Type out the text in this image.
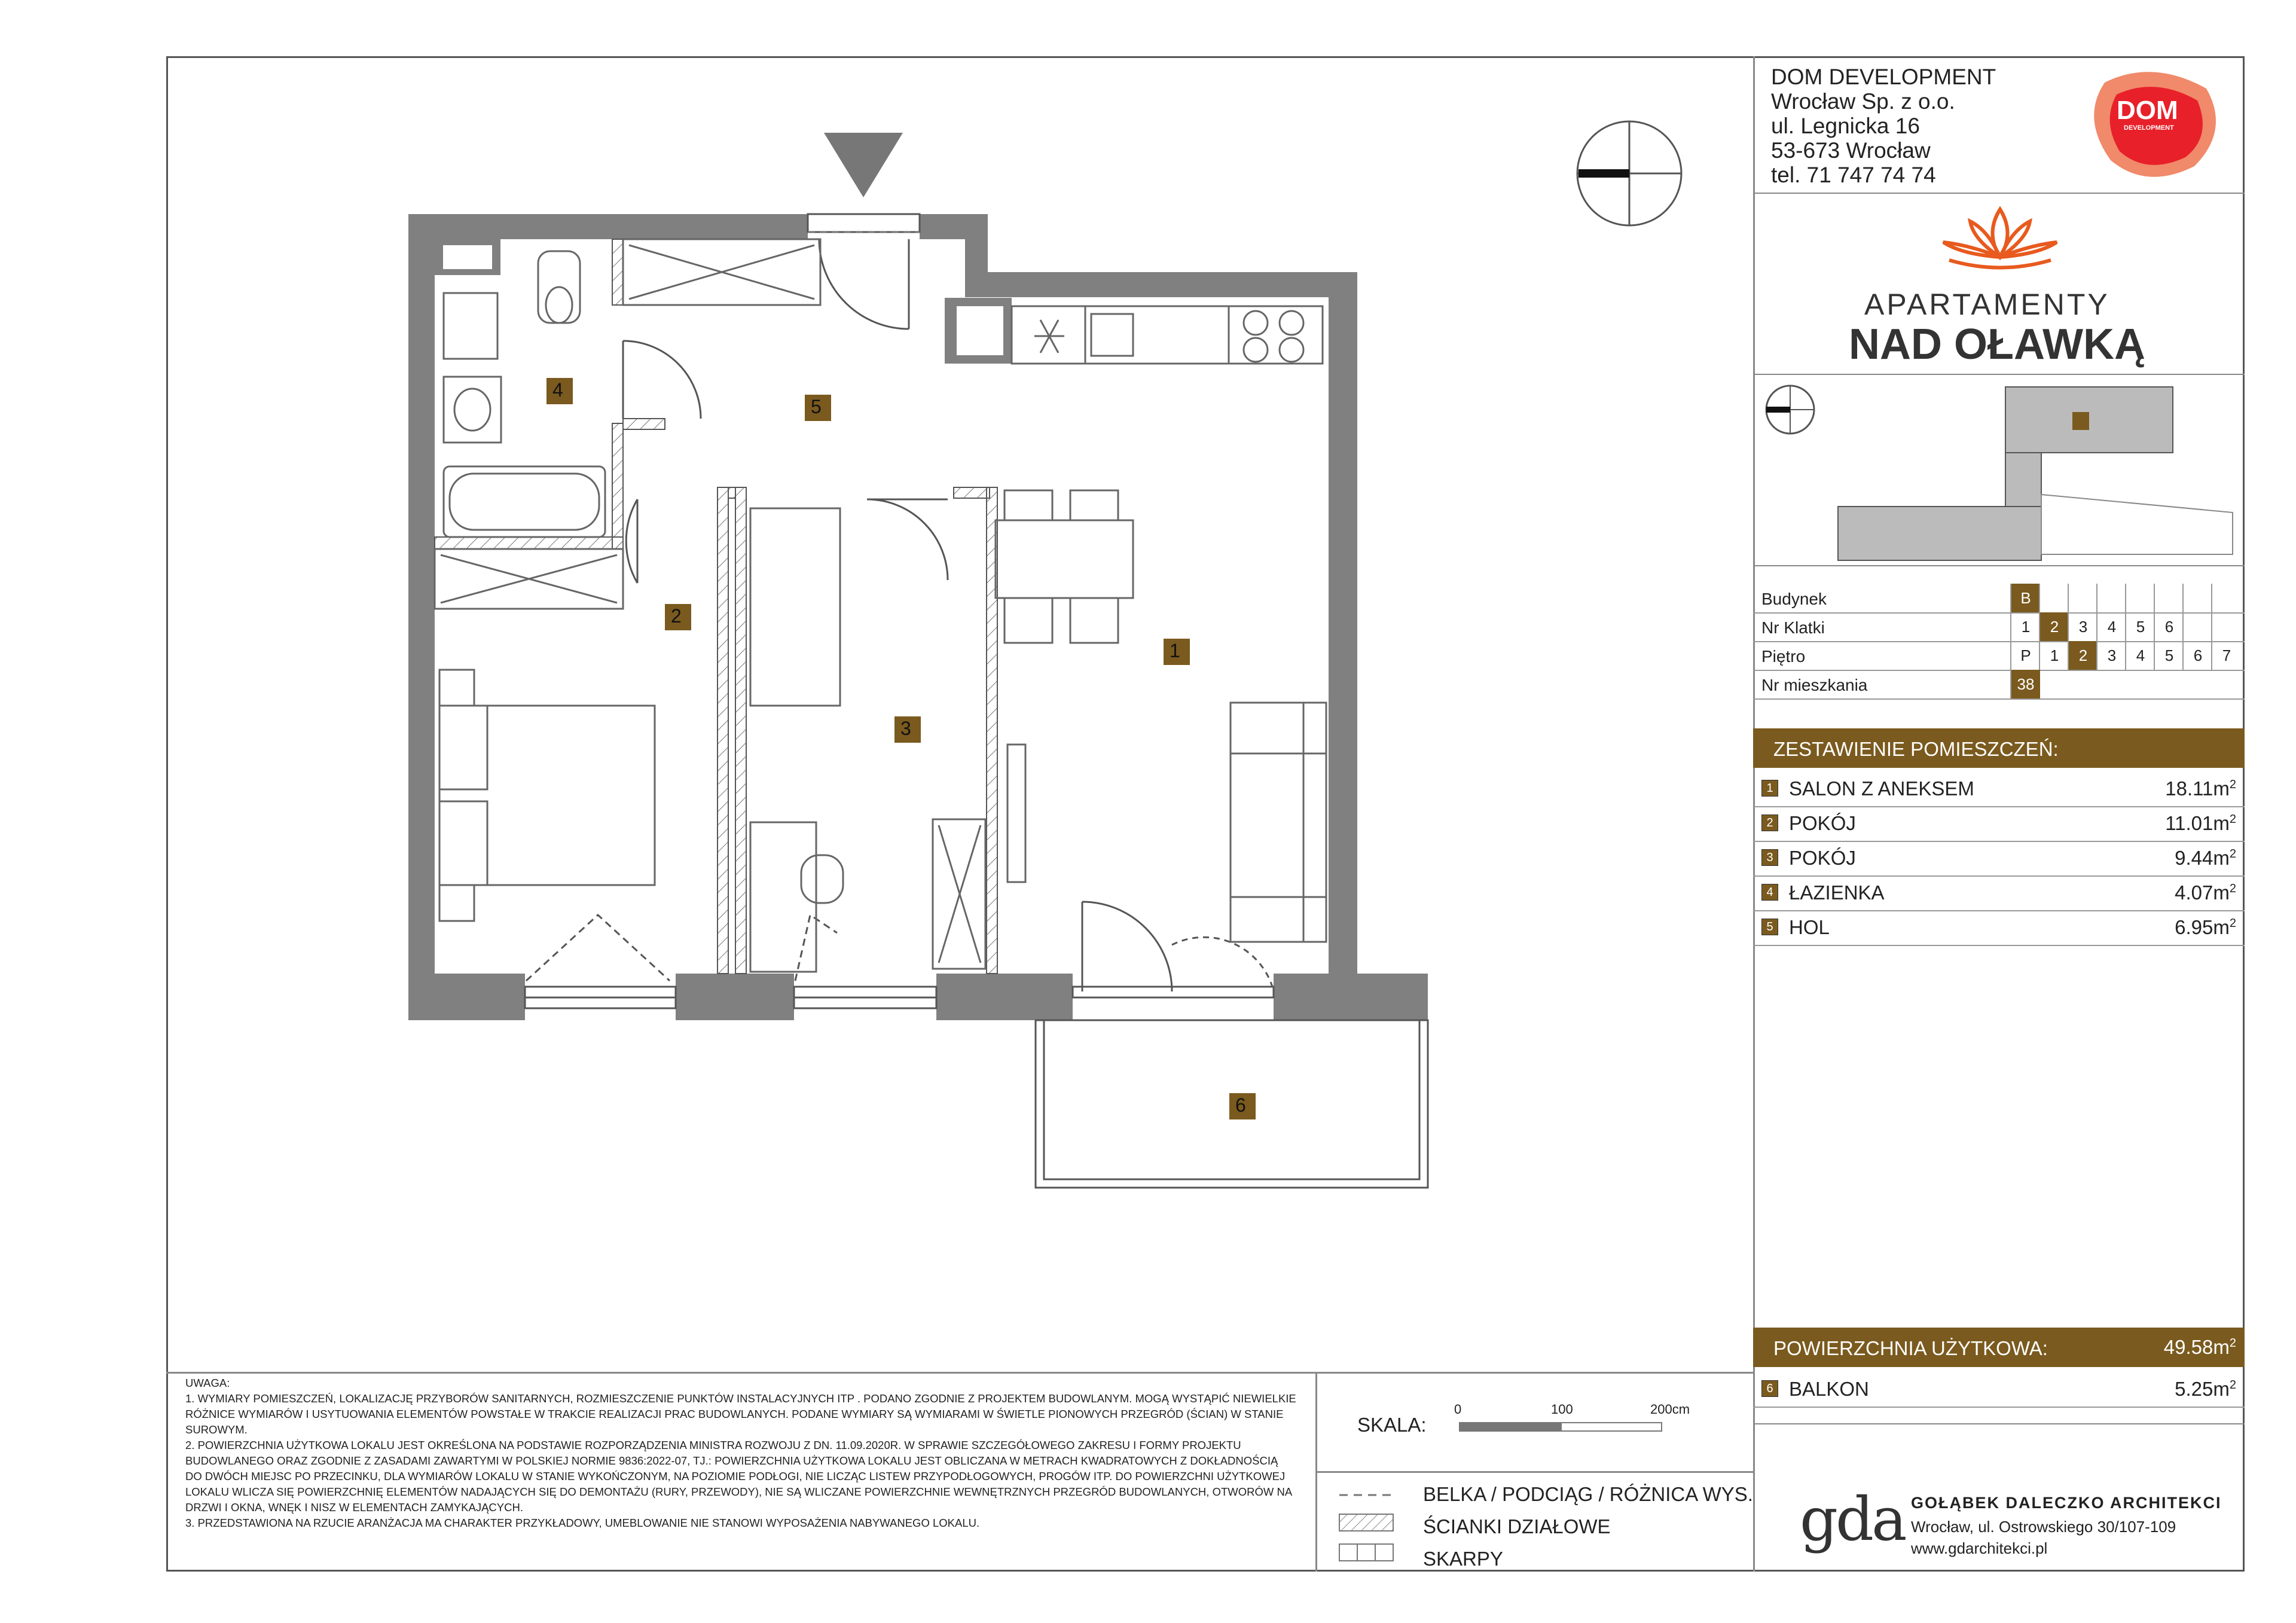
1
2
3
4
5
6
DOM DEVELOPMENT
Wrocław Sp. z o.o.
ul. Legnicka 16
53-673 Wrocław
tel. 71 747 74 74
DOM
DEVELOPMENT
APARTAMENTY
NAD OŁAWKĄ
Budynek	B
Nr Klatki	1	2	3	4	5	6
Piętro	P	1	2	3	4	5	6	7
Nr mieszkania	38
ZESTAWIENIE POMIESZCZEŃ:
1 SALON Z ANEKSEM	$18.11m^2$
2 POKÓJ	$11.01m^2$
3 POKÓJ	$9.44m^2$
4 ŁAZIENKA	$4.07m^2$
5 HOL	$6.95m^2$
POWIERZCHNIA UŻYTKOWA:	$49.58m^2$
6 BALKON	$5.25m^2$

UWAGA:

1. WYMIARY POMIESZCZEŃ, LOKALIZACJĘ PRZYBORÓW SANITARNYCH, ROZMIESZCZENIE PUNKTÓW INSTALACYJNYCH ITP . PODANO ZGODNIE Z PROJEKTEM BUDOWLANYM. MOGĄ WYSTĄPIĆ NIEWIELKIE RÓŻNICE WYMIARÓW I USYTUOWANIA ELEMENTÓW POWSTAŁE W TRAKCIE REALIZACJI PRAC BUDOWLANYCH. PODANE WYMIARY SĄ WYMIARAMI W ŚWIETLE PIONOWYCH PRZEGRÓD (ŚCIAN) W STANIE SUROWYM.

2. POWIERZCHNIA UŻYTKOWA LOKALU JEST OKREŚLONA NA PODSTAWIE ROZPORZĄDZENIA MINISTRA ROZWOJU Z DN. 11.09.2020R. W SPRAWIE SZCZEGÓŁOWEGO ZAKRESU I FORMY PROJEKTU BUDOWLANEGO ORAZ ZGODNIE Z ZASADAMI ZAWARTYMI W POLSKIEJ NORMIE 9836:2022-07, TJ.: POWIERZCHNIA UŻYTKOWA LOKALU JEST OBLICZANA W METRACH KWADRATOWYCH Z DOKŁADNOŚCIĄ DO DWÓCH MIEJSC PO PRZECINKU, DLA WYMIARÓW LOKALU W STANIE WYKOŃCZONYM, NA POZIOMIE PODŁOGI, NIE LICZĄC LISTEW PRZYPODŁOGOWYCH, PROGÓW ITP. DO POWIERZCHNI UŻYTKOWEJ LOKALU WLICZA SIĘ POWIERZCHNIĘ ELEMENTÓW NADAJĄCYCH SIĘ DO DEMONTAŻU (RURY, PRZEWODY), NIE SĄ WLICZANE POWIERZCHNIE WEWNĘTRZNYCH PRZEGRÓD BUDOWLANYCH, OTWORÓW NA DRZWI I OKNA, WNĘK I NISZ W ELEMENTACH ZAMYKAJĄCYCH.

3. PRZEDSTAWIONA NA RZUCIE ARANŻACJA MA CHARAKTER PRZYKŁADOWY, UMEBLOWANIE NIE STANOWI WYPOSAŻENIA NABYWANEGO LOKALU.

SKALA:
0	100	200cm
BELKA / PODCIĄG / RÓŻNICA WYS.
ŚCIANKI DZIAŁOWE
SKARPY
gda GOŁĄBEK DALECZKO ARCHITEKCI
Wrocław, ul. Ostrowskiego 30/107-109
www.gdarchitekci.pl
